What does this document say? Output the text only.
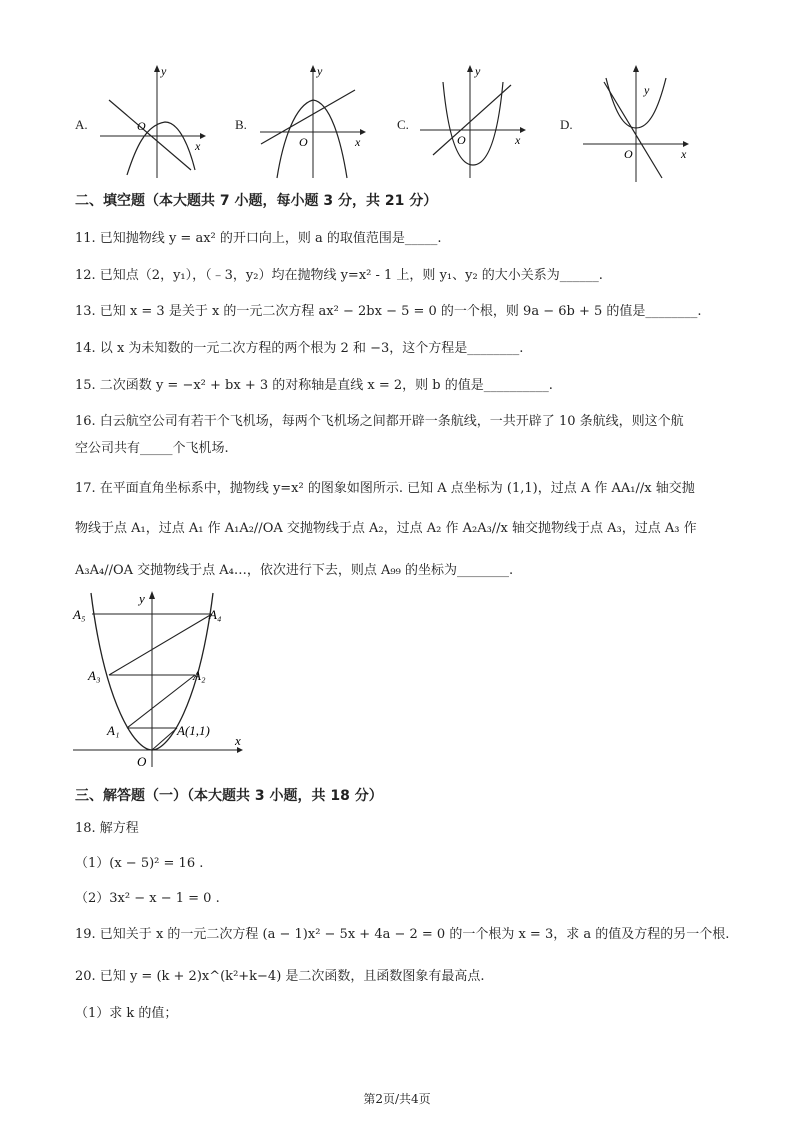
A.
y
x
O	B.
y
x
O
C.
y
x
O
D.
y
x
O
二、填空题（本大题共 7 小题，每小题 3 分，共 21 分）
11. 已知抛物线 y = ax² 的开口向上，则 a 的取值范围是_____.
12. 已知点（2，y₁），（﹣3，y₂）均在抛物线 y=x² - 1 上，则 y₁、y₂ 的大小关系为______.
13. 已知 x = 3 是关于 x 的一元二次方程 ax² − 2bx − 5 = 0 的一个根，则 9a − 6b + 5 的值是________.
14. 以 x 为未知数的一元二次方程的两个根为 2 和 −3，这个方程是________.
15. 二次函数 y = −x² + bx + 3 的对称轴是直线 x = 2，则 b 的值是__________.
16. 白云航空公司有若干个飞机场，每两个飞机场之间都开辟一条航线，一共开辟了 10 条航线，则这个航
空公司共有_____个飞机场.
17. 在平面直角坐标系中，抛物线 y=x² 的图象如图所示. 已知 A 点坐标为 (1,1)，过点 A 作 AA₁//x 轴交抛
物线于点 A₁，过点 A₁ 作 A₁A₂//OA 交抛物线于点 A₂，过点 A₂ 作 A₂A₃//x 轴交抛物线于点 A₃，过点 A₃ 作
A₃A₄//OA 交抛物线于点 A₄…，依次进行下去，则点 A₉₉ 的坐标为________.
A₅	A₄
A₃	A₂
A₁	A(1,1)
O
x
y
三、解答题（一）（本大题共 3 小题，共 18 分）
18. 解方程
（1）(x − 5)² = 16 .
（2）3x² − x − 1 = 0 .
19. 已知关于 x 的一元二次方程 (a − 1)x² − 5x + 4a − 2 = 0 的一个根为 x = 3，求 a 的值及方程的另一个根.
20. 已知 y = (k + 2)x^(k²+k−4) 是二次函数，且函数图象有最高点.
（1）求 k 的值；
第2页/共4页
